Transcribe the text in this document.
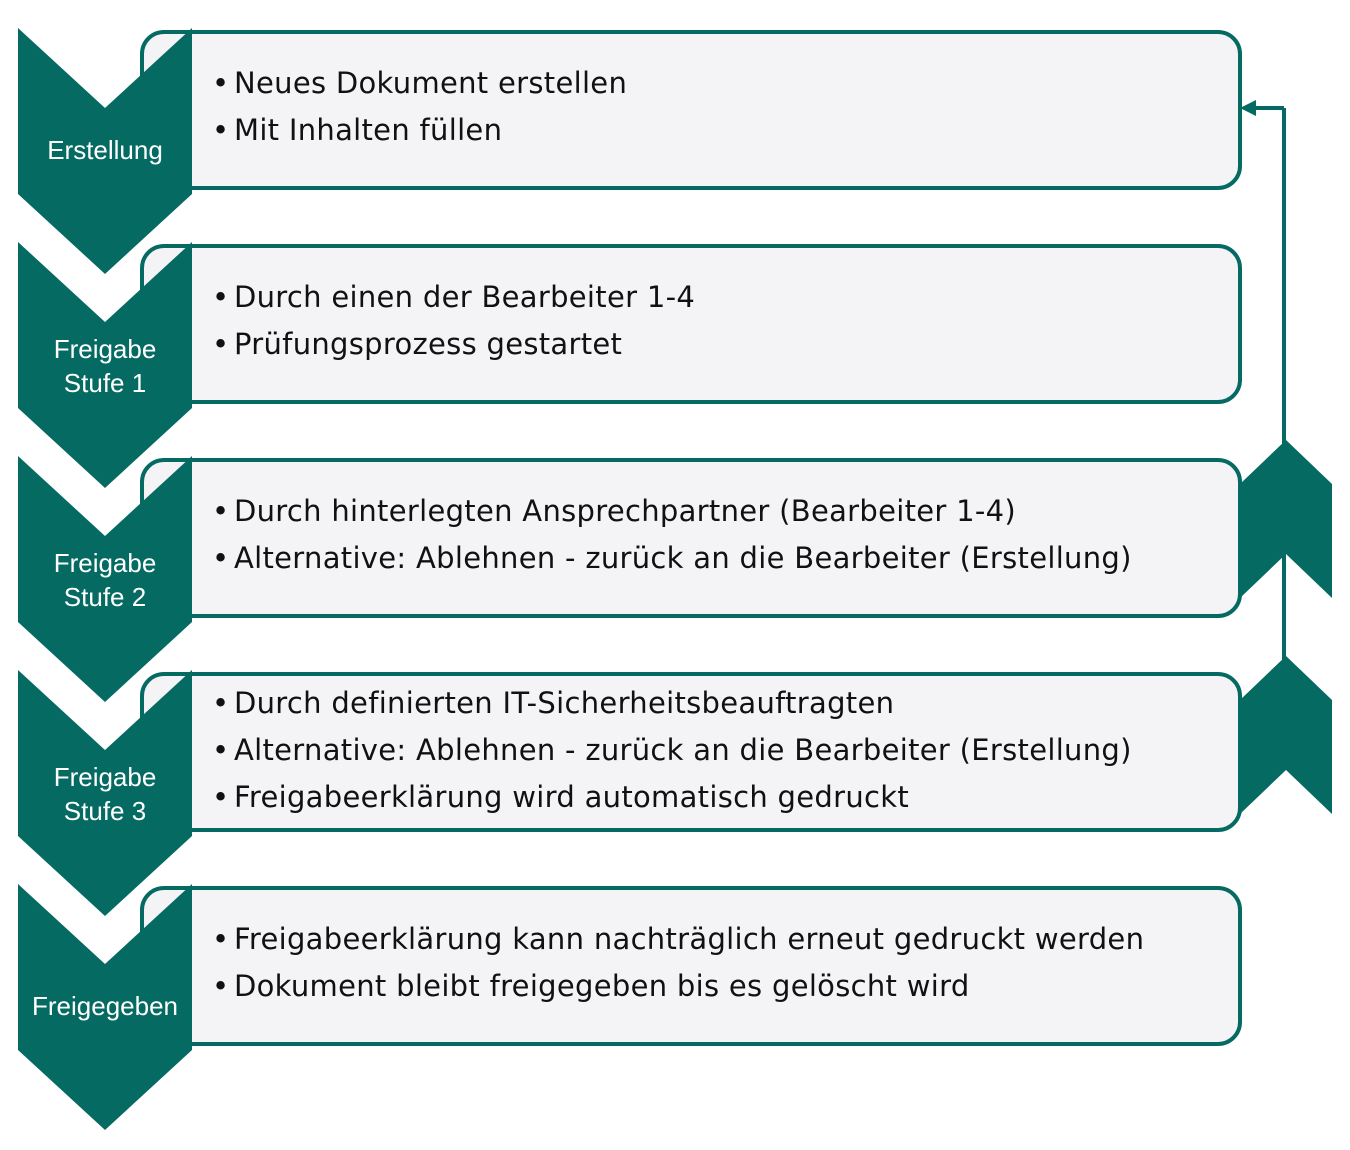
Erstellung
• Neues Dokument erstellen
• Mit Inhalten füllen
Freigabe
Stufe 1
• Durch einen der Bearbeiter 1-4
• Prüfungsprozess gestartet
Freigabe
Stufe 2
• Durch hinterlegten Ansprechpartner (Bearbeiter 1-4)
• Alternative: Ablehnen - zurück an die Bearbeiter (Erstellung)
Freigabe
Stufe 3
• Durch definierten IT-Sicherheitsbeauftragten
• Alternative: Ablehnen - zurück an die Bearbeiter (Erstellung)
• Freigabeerklärung wird automatisch gedruckt
Freigegeben
• Freigabeerklärung kann nachträglich erneut gedruckt werden
• Dokument bleibt freigegeben bis es gelöscht wird
